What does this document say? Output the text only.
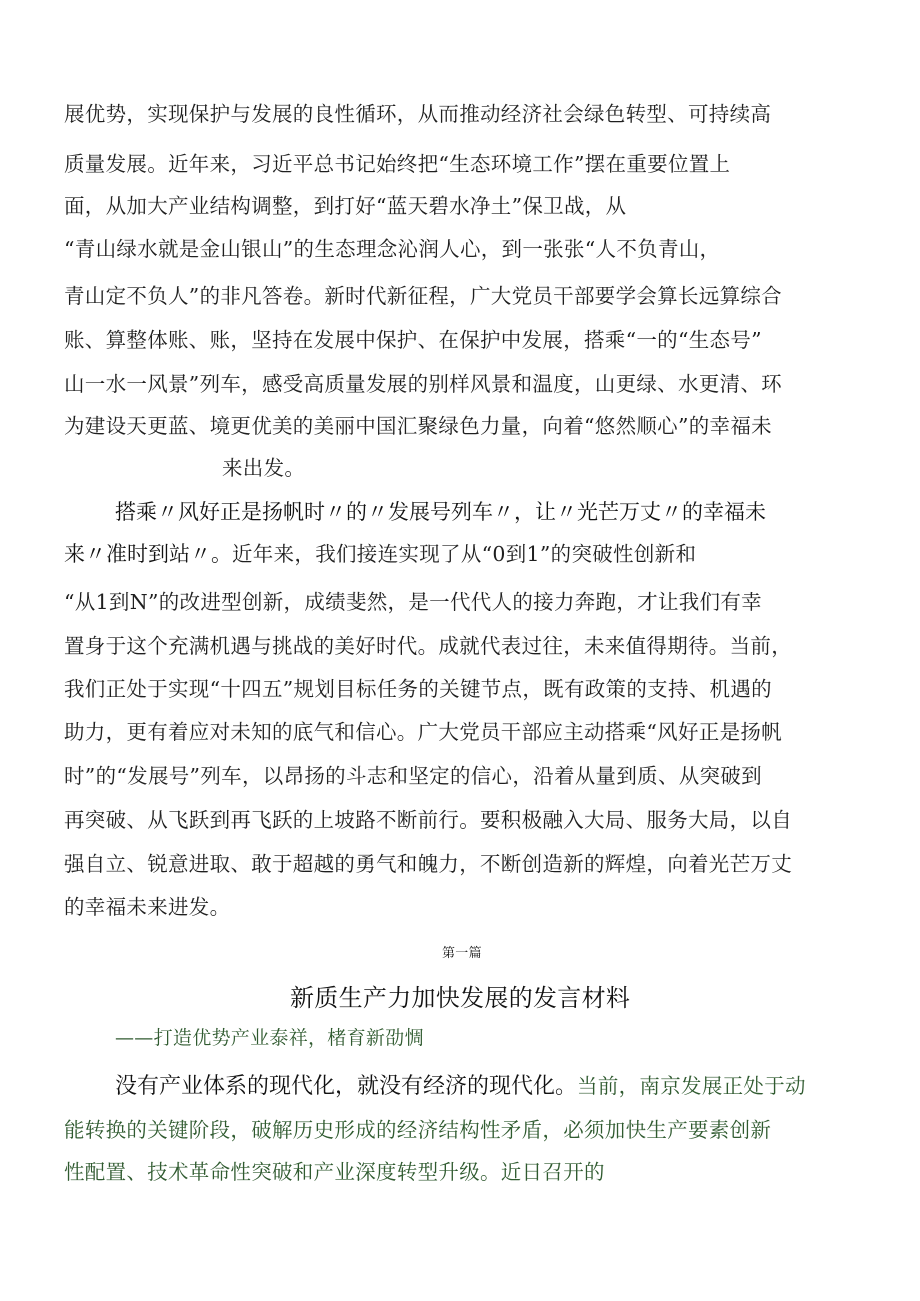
展优势，实现保护与发展的良性循环，从而推动经济社会绿色转型、可持续高
质量发展。近年来，习近平总书记始终把“生态环境工作”摆在重要位置上
面，从加大产业结构调整，到打好“蓝天碧水净土”保卫战，从
“青山绿水就是金山银山”的生态理念沁润人心，到一张张“人不负青山，
青山定不负人”的非凡答卷。新时代新征程，广大党员干部要学会算长远算综合
账、算整体账、账，坚持在发展中保护、在保护中发展，搭乘“一的“生态号”
山一水一风景”列车，感受高质量发展的别样风景和温度，山更绿、水更清、环
为建设天更蓝、境更优美的美丽中国汇聚绿色力量，向着“悠然顺心”的幸福未
来出发。
搭乘〃风好正是扬帆时〃的〃发展号列车〃，让〃光芒万丈〃的幸福未
来〃准时到站〃。近年来，我们接连实现了从“0到1”的突破性创新和
“从1到N”的改进型创新，成绩斐然，是一代代人的接力奔跑，才让我们有幸
置身于这个充满机遇与挑战的美好时代。成就代表过往，未来值得期待。当前，
我们正处于实现“十四五”规划目标任务的关键节点，既有政策的支持、机遇的
助力，更有着应对未知的底气和信心。广大党员干部应主动搭乘“风好正是扬帆
时”的“发展号”列车，以昂扬的斗志和坚定的信心，沿着从量到质、从突破到
再突破、从飞跃到再飞跃的上坡路不断前行。要积极融入大局、服务大局，以自
强自立、锐意进取、敢于超越的勇气和魄力，不断创造新的辉煌，向着光芒万丈
的幸福未来进发。
第一篇
新质生产力加快发展的发言材料
——打造优势产业泰祥，楮育新劭惆
没有产业体系的现代化，就没有经济的现代化。当前，南京发展正处于动
能转换的关键阶段，破解历史形成的经济结构性矛盾，必须加快生产要素创新
性配置、技术革命性突破和产业深度转型升级。近日召开的
